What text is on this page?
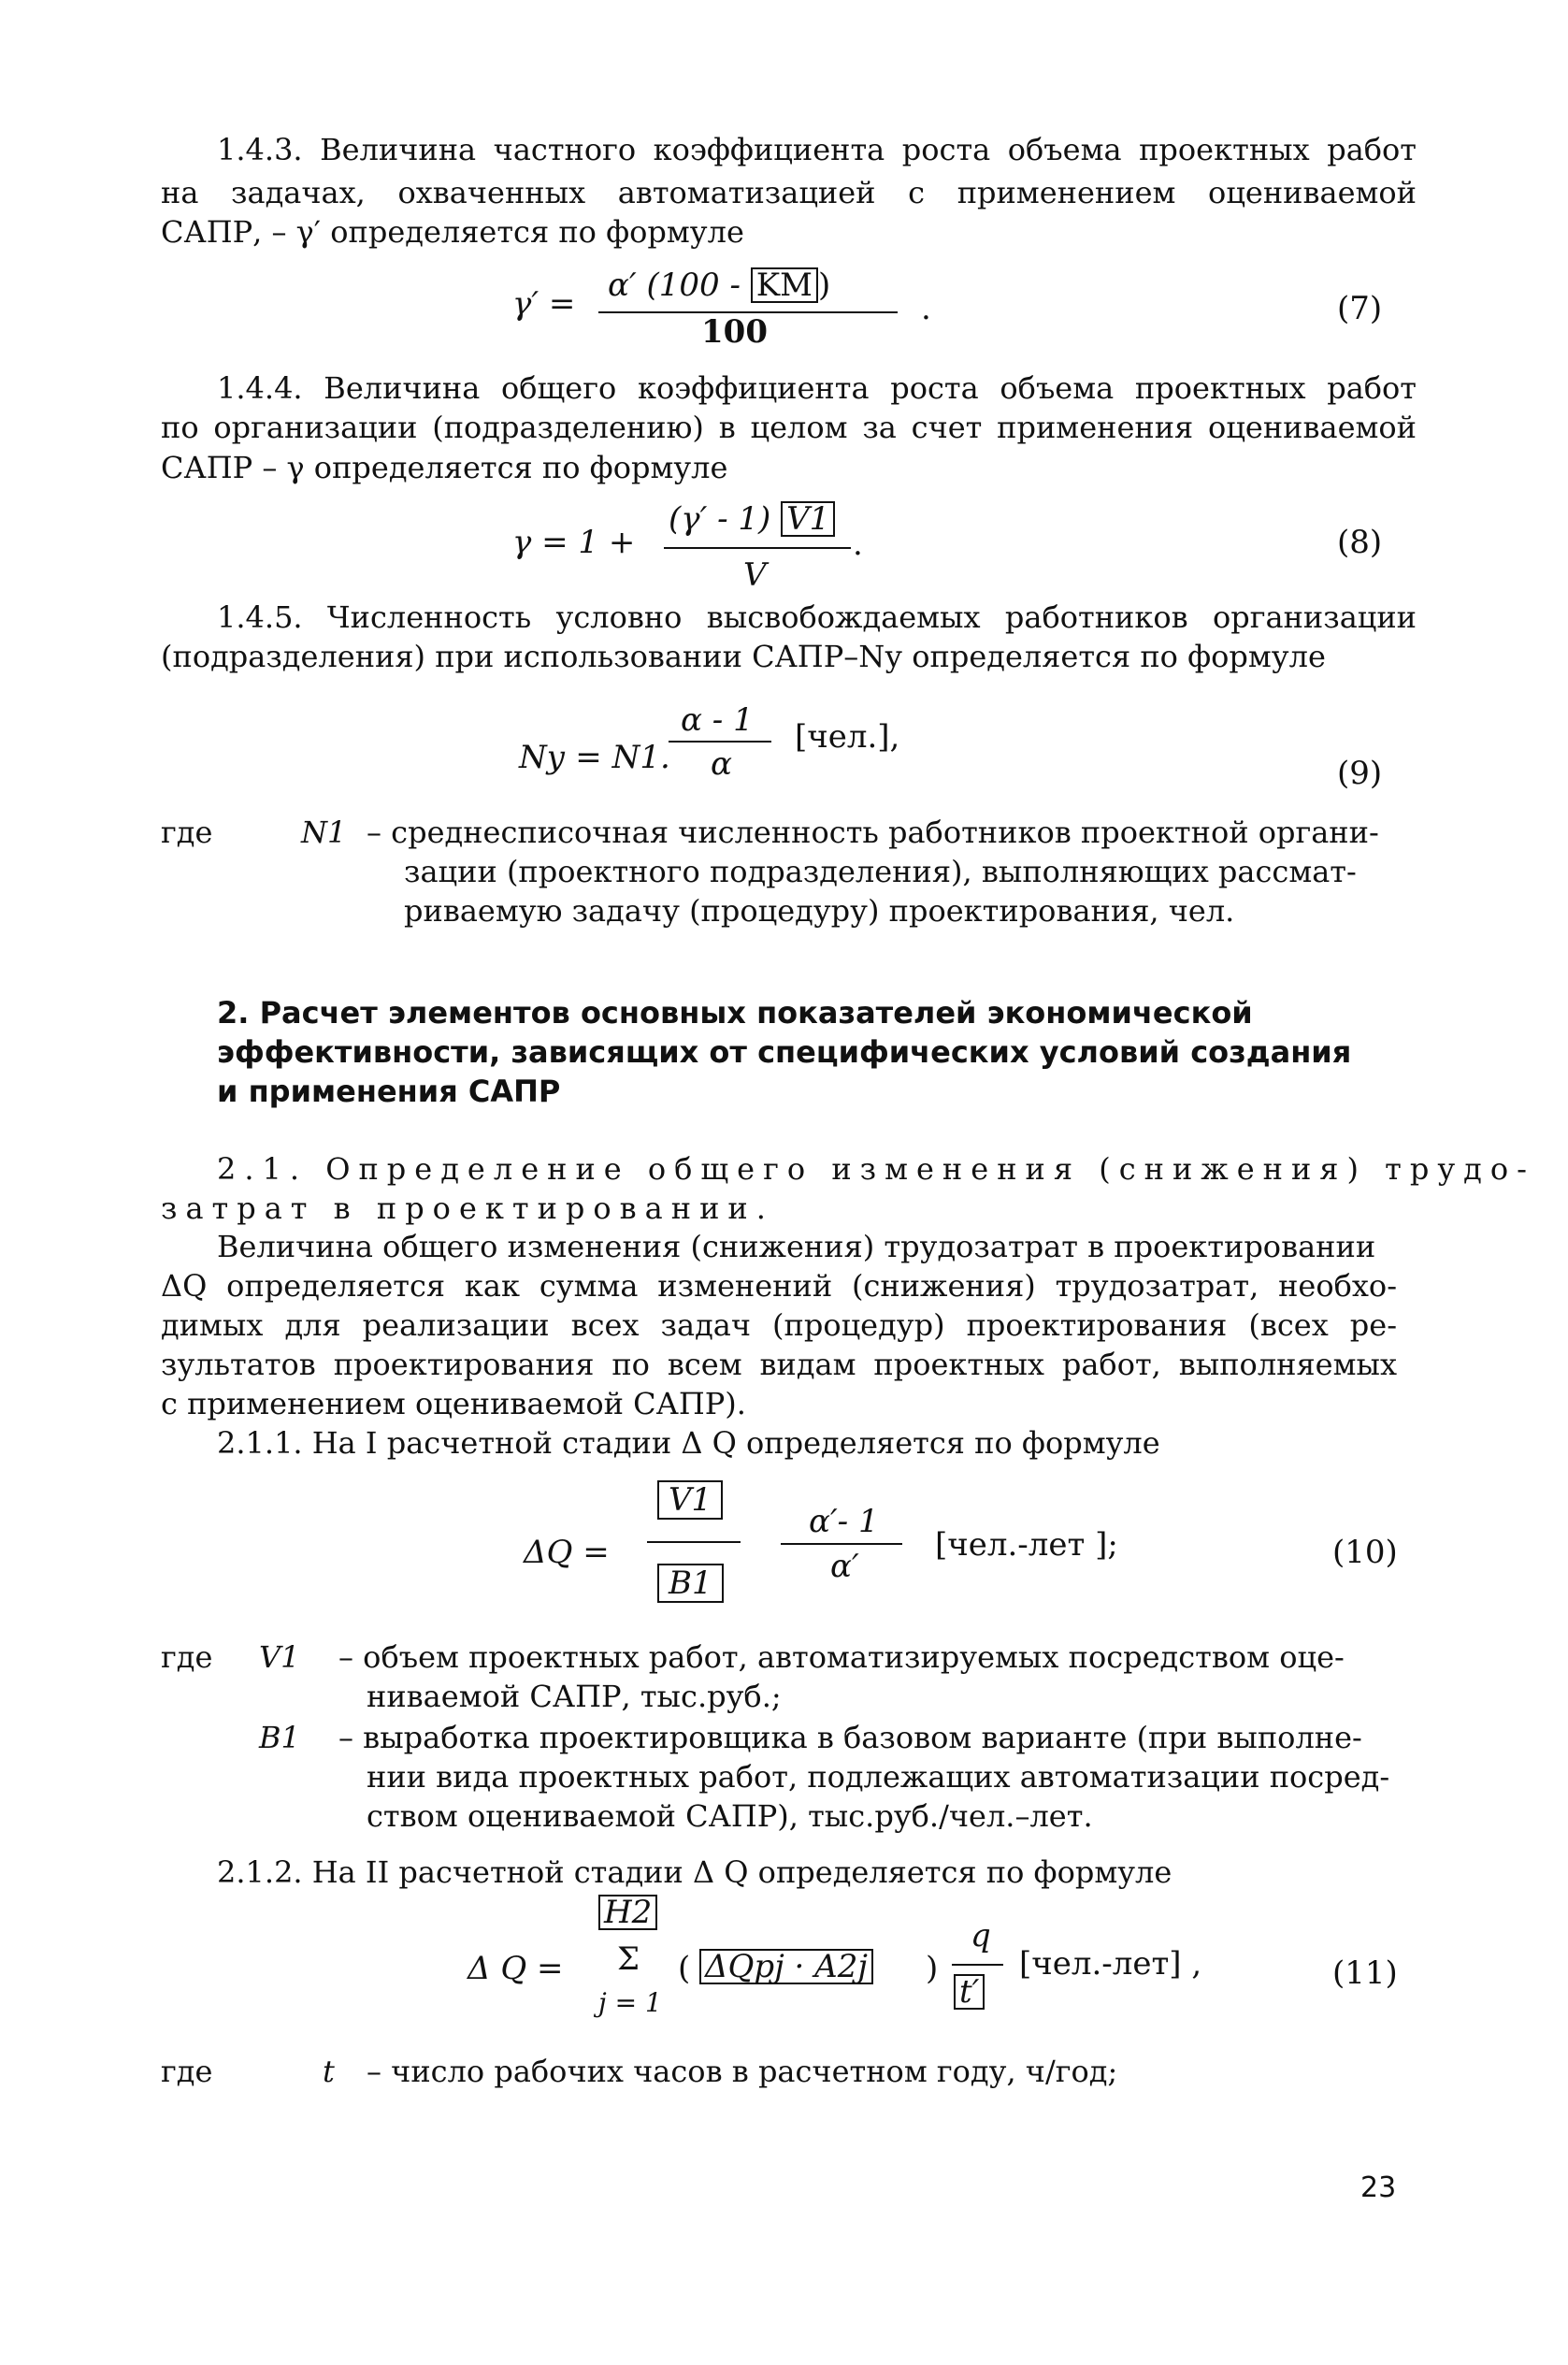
1.4.3. Величина частного коэффициента роста объема проектных работ
на задачах, охваченных автоматизацией с применением оцениваемой
САПР, – γ′ определяется по формуле
γ′ = α′ (100 - KМ )
100
.	(7)
1.4.4. Величина общего коэффициента роста объема проектных работ
по организации (подразделению) в целом за счет применения оцениваемой
САПР – γ определяется по формуле
γ = 1 +
(γ′ - 1) V1
V
.	(8)
1.4.5. Численность условно высвобождаемых работников организации
(подразделения) при использовании САПР–Nу определяется по формуле
Nу = N1.
α - 1
α
[чел.],
(9)
где	N1 – среднесписочная численность работников проектной органи-
зации (проектного подразделения), выполняющих рассмат-
риваемую задачу (процедуру) проектирования, чел.
2. Расчет элементов основных показателей экономической
эффективности, зависящих от специфических условий создания
и применения САПР
2.1. Определение общего изменения (снижения) трудо-
затрат в проектировании.
Величина общего изменения (снижения) трудозатрат в проектировании
ΔQ определяется как сумма изменений (снижения) трудозатрат, необхо-
димых для реализации всех задач (процедур) проектирования (всех ре-
зультатов проектирования по всем видам проектных работ, выполняемых
с применением оцениваемой САПР).
2.1.1. На I расчетной стадии Δ Q определяется по формуле
ΔQ =
V1
B1
α′- 1
α′
[чел.-лет ];	(10)
где V1 – объем проектных работ, автоматизируемых посредством оце-
ниваемой САПР, тыс.руб.;
B1 – выработка проектировщика в базовом варианте (при выполне-
нии вида проектных работ, подлежащих автоматизации посред-
ством оцениваемой САПР), тыс.руб./чел.–лет.
2.1.2. На II расчетной стадии Δ Q определяется по формуле
Δ Q =
H2
Σ
j = 1
( ΔQpj · A2j )
q
t′
[чел.-лет] ,	(11)
где	t – число рабочих часов в расчетном году, ч/год;
23
